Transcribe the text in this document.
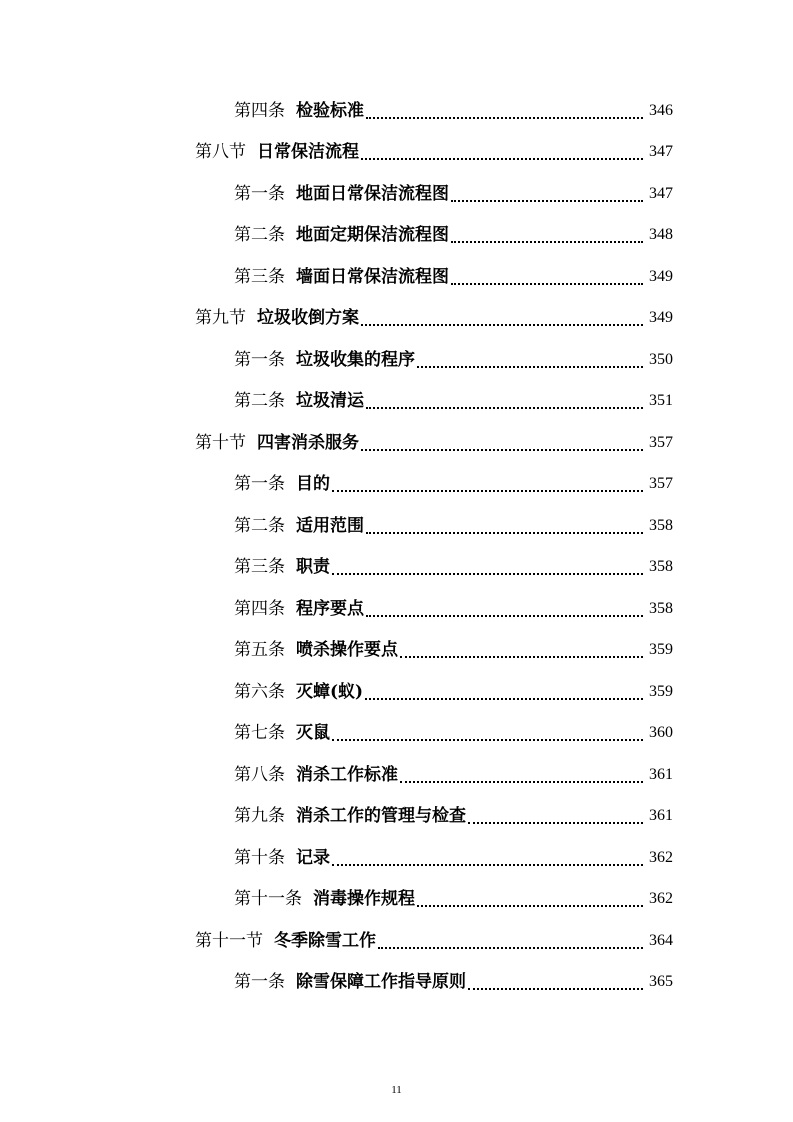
第四条 检验标准	346
第八节 日常保洁流程	347
第一条 地面日常保洁流程图	347
第二条 地面定期保洁流程图	348
第三条 墙面日常保洁流程图	349
第九节 垃圾收倒方案	349
第一条 垃圾收集的程序	350
第二条 垃圾清运	351
第十节 四害消杀服务	357
第一条 目的	357
第二条 适用范围	358
第三条 职责	358
第四条 程序要点	358
第五条 喷杀操作要点	359
第六条 灭蟑(蚁)	359
第七条 灭鼠	360
第八条 消杀工作标准	361
第九条 消杀工作的管理与检查	361
第十条 记录	362
第十一条 消毒操作规程	362
第十一节 冬季除雪工作	364
第一条 除雪保障工作指导原则	365
11
